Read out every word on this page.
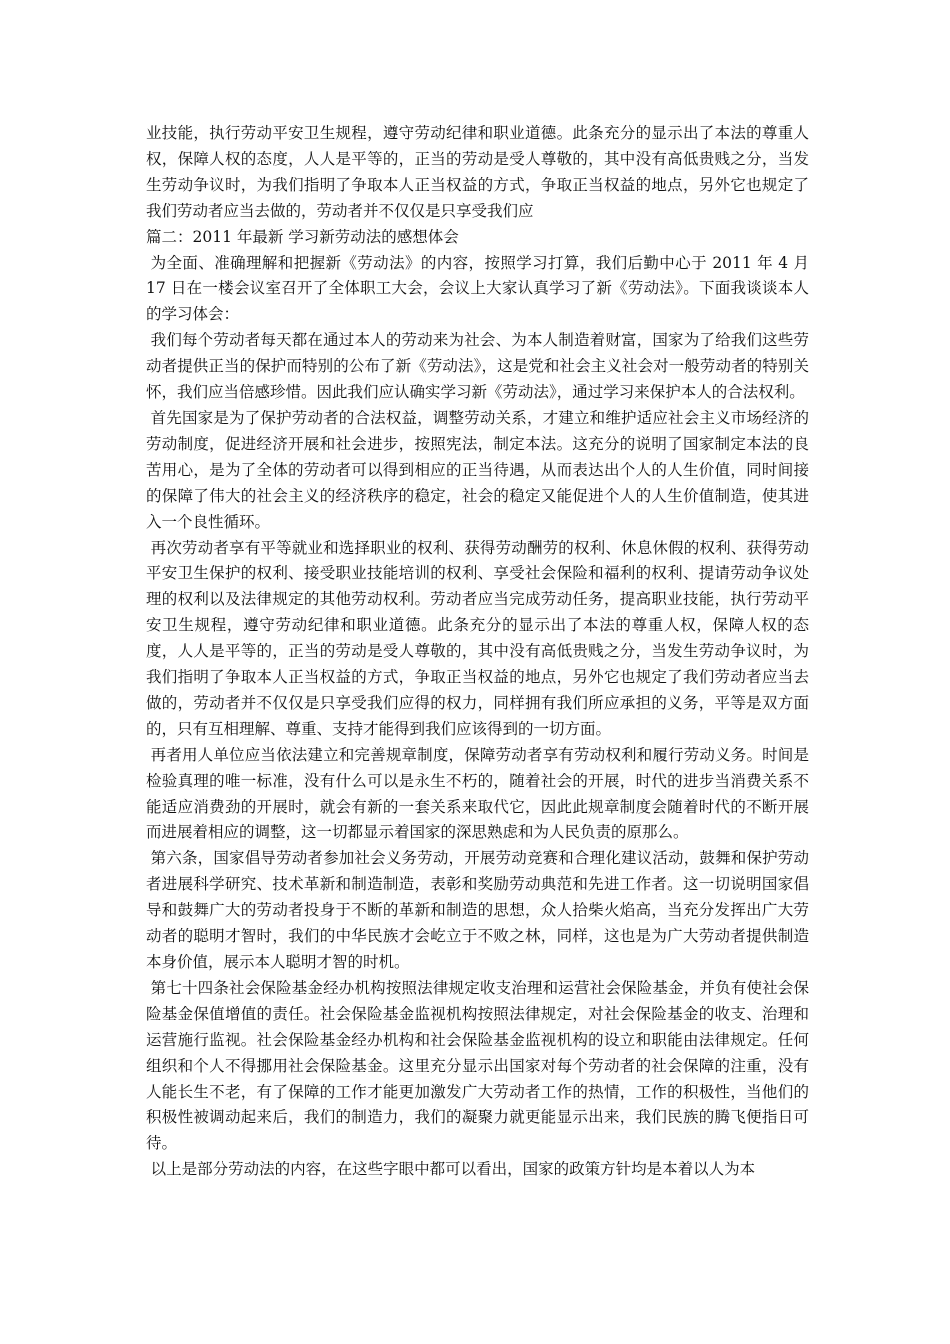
业技能，执行劳动平安卫生规程，遵守劳动纪律和职业道德。此条充分的显示出了本法的尊重人权，保障人权的态度，人人是平等的，正当的劳动是受人尊敬的，其中没有高低贵贱之分，当发生劳动争议时，为我们指明了争取本人正当权益的方式，争取正当权益的地点，另外它也规定了我们劳动者应当去做的，劳动者并不仅仅是只享受我们应

篇二：2011 年最新 学习新劳动法的感想体会

为全面、准确理解和把握新《劳动法》的内容，按照学习打算，我们后勤中心于 2011 年 4 月 17 日在一楼会议室召开了全体职工大会，会议上大家认真学习了新《劳动法》。下面我谈谈本人的学习体会：

我们每个劳动者每天都在通过本人的劳动来为社会、为本人制造着财富，国家为了给我们这些劳动者提供正当的保护而特别的公布了新《劳动法》，这是党和社会主义社会对一般劳动者的特别关怀，我们应当倍感珍惜。因此我们应认确实学习新《劳动法》，通过学习来保护本人的合法权利。

首先国家是为了保护劳动者的合法权益，调整劳动关系，才建立和维护适应社会主义市场经济的劳动制度，促进经济开展和社会进步，按照宪法，制定本法。这充分的说明了国家制定本法的良苦用心，是为了全体的劳动者可以得到相应的正当待遇，从而表达出个人的人生价值，同时间接的保障了伟大的社会主义的经济秩序的稳定，社会的稳定又能促进个人的人生价值制造，使其进入一个良性循环。

再次劳动者享有平等就业和选择职业的权利、获得劳动酬劳的权利、休息休假的权利、获得劳动平安卫生保护的权利、接受职业技能培训的权利、享受社会保险和福利的权利、提请劳动争议处理的权利以及法律规定的其他劳动权利。劳动者应当完成劳动任务，提高职业技能，执行劳动平安卫生规程，遵守劳动纪律和职业道德。此条充分的显示出了本法的尊重人权，保障人权的态度，人人是平等的，正当的劳动是受人尊敬的，其中没有高低贵贱之分，当发生劳动争议时，为我们指明了争取本人正当权益的方式，争取正当权益的地点，另外它也规定了我们劳动者应当去做的，劳动者并不仅仅是只享受我们应得的权力，同样拥有我们所应承担的义务，平等是双方面的，只有互相理解、尊重、支持才能得到我们应该得到的一切方面。

再者用人单位应当依法建立和完善规章制度，保障劳动者享有劳动权利和履行劳动义务。时间是检验真理的唯一标准，没有什么可以是永生不朽的，随着社会的开展，时代的进步当消费关系不能适应消费劲的开展时，就会有新的一套关系来取代它，因此此规章制度会随着时代的不断开展而进展着相应的调整，这一切都显示着国家的深思熟虑和为人民负责的原那么。

第六条，国家倡导劳动者参加社会义务劳动，开展劳动竞赛和合理化建议活动，鼓舞和保护劳动者进展科学研究、技术革新和制造制造，表彰和奖励劳动典范和先进工作者。这一切说明国家倡导和鼓舞广大的劳动者投身于不断的革新和制造的思想，众人拾柴火焰高，当充分发挥出广大劳动者的聪明才智时，我们的中华民族才会屹立于不败之林，同样，这也是为广大劳动者提供制造本身价值，展示本人聪明才智的时机。

第七十四条社会保险基金经办机构按照法律规定收支治理和运营社会保险基金，并负有使社会保险基金保值增值的责任。社会保险基金监视机构按照法律规定，对社会保险基金的收支、治理和运营施行监视。社会保险基金经办机构和社会保险基金监视机构的设立和职能由法律规定。任何组织和个人不得挪用社会保险基金。这里充分显示出国家对每个劳动者的社会保障的注重，没有人能长生不老，有了保障的工作才能更加激发广大劳动者工作的热情，工作的积极性，当他们的积极性被调动起来后，我们的制造力，我们的凝聚力就更能显示出来，我们民族的腾飞便指日可待。

以上是部分劳动法的内容，在这些字眼中都可以看出，国家的政策方针均是本着以人为本
